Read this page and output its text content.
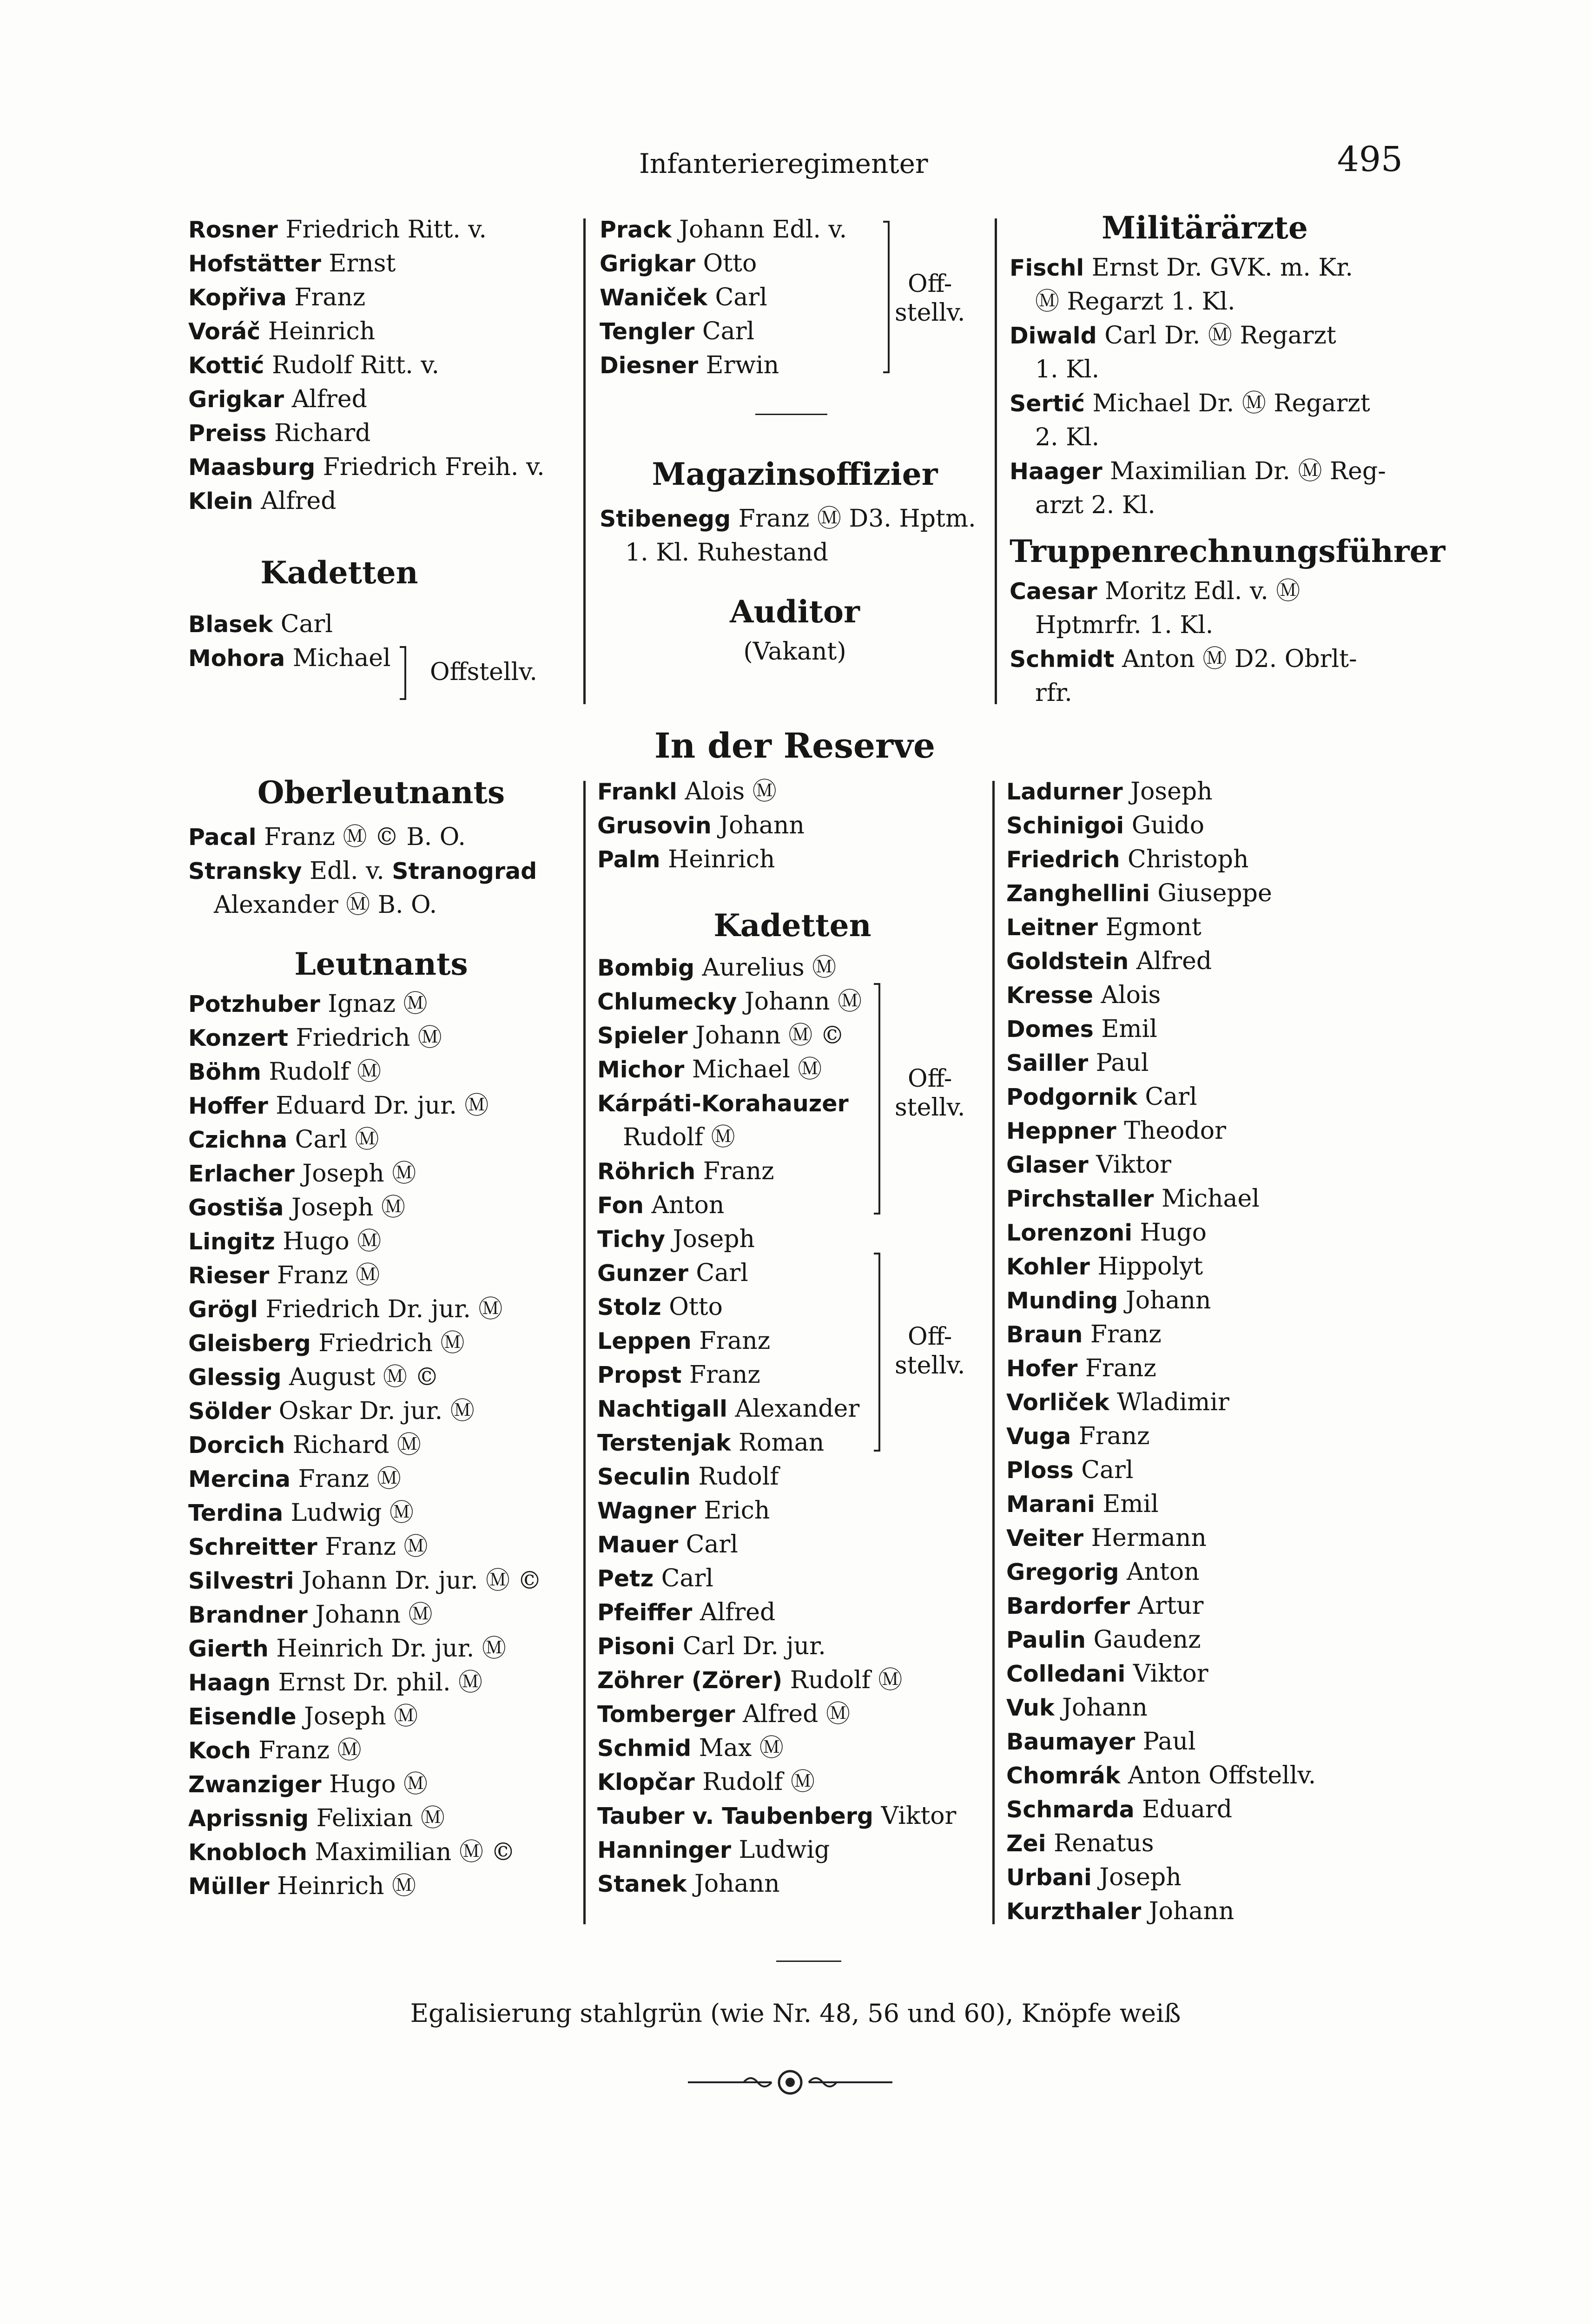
Infanterieregimenter	495
Rosner Friedrich Ritt. v.
Hofstätter Ernst
Kopřiva Franz
Voráč Heinrich
Kottić Rudolf Ritt. v.
Grigkar Alfred
Preiss Richard
Maasburg Friedrich Freih. v.
Klein Alfred
Kadetten
Blasek Carl
Mohora Michael	Offstellv.
Oberleutnants
Pacal Franz Ⓜ © B. O.
Stransky Edl. v. Stranograd
Alexander Ⓜ B. O.
Leutnants
Potzhuber Ignaz Ⓜ
Konzert Friedrich Ⓜ
Böhm Rudolf Ⓜ
Hoffer Eduard Dr. jur. Ⓜ
Czichna Carl Ⓜ
Erlacher Joseph Ⓜ
Gostiša Joseph Ⓜ
Lingitz Hugo Ⓜ
Rieser Franz Ⓜ
Grögl Friedrich Dr. jur. Ⓜ
Gleisberg Friedrich Ⓜ
Glessig August Ⓜ ©
Sölder Oskar Dr. jur. Ⓜ
Dorcich Richard Ⓜ
Mercina Franz Ⓜ
Terdina Ludwig Ⓜ
Schreitter Franz Ⓜ
Silvestri Johann Dr. jur. Ⓜ ©
Brandner Johann Ⓜ
Gierth Heinrich Dr. jur. Ⓜ
Haagn Ernst Dr. phil. Ⓜ
Eisendle Joseph Ⓜ
Koch Franz Ⓜ
Zwanziger Hugo Ⓜ
Aprissnig Felixian Ⓜ
Knobloch Maximilian Ⓜ ©
Müller Heinrich Ⓜ
Prack Johann Edl. v.
Grigkar Otto
Waniček Carl
Tengler Carl
Diesner Erwin
Off-
stellv.
Magazinsoffizier
Stibenegg Franz Ⓜ D3. Hptm.
1. Kl. Ruhestand
Auditor
(Vakant)
Militärärzte
Fischl Ernst Dr. GVK. m. Kr.
Ⓜ Regarzt 1. Kl.
Diwald Carl Dr. Ⓜ Regarzt
1. Kl.
Sertić Michael Dr. Ⓜ Regarzt
2. Kl.
Haager Maximilian Dr. Ⓜ Reg-
arzt 2. Kl.
Truppenrechnungsführer
Caesar Moritz Edl. v. Ⓜ
Hptmrfr. 1. Kl.
Schmidt Anton Ⓜ D2. Obrlt-
rfr.
In der Reserve
Frankl Alois Ⓜ
Grusovin Johann
Palm Heinrich
Kadetten
Bombig Aurelius Ⓜ
Chlumecky Johann Ⓜ
Spieler Johann Ⓜ ©
Michor Michael Ⓜ
Kárpáti-Korahauzer
Rudolf Ⓜ
Röhrich Franz
Fon Anton
Tichy Joseph
Gunzer Carl
Stolz Otto
Leppen Franz
Propst Franz
Nachtigall Alexander
Terstenjak Roman
Seculin Rudolf
Wagner Erich
Mauer Carl
Petz Carl
Pfeiffer Alfred
Pisoni Carl Dr. jur.
Zöhrer (Zörer) Rudolf Ⓜ
Tomberger Alfred Ⓜ
Schmid Max Ⓜ
Klopčar Rudolf Ⓜ
Tauber v. Taubenberg Viktor
Hanninger Ludwig
Stanek Johann
Off-
stellv.
Off-
stellv.
Ladurner Joseph
Schinigoi Guido
Friedrich Christoph
Zanghellini Giuseppe
Leitner Egmont
Goldstein Alfred
Kresse Alois
Domes Emil
Sailler Paul
Podgornik Carl
Heppner Theodor
Glaser Viktor
Pirchstaller Michael
Lorenzoni Hugo
Kohler Hippolyt
Munding Johann
Braun Franz
Hofer Franz
Vorliček Wladimir
Vuga Franz
Ploss Carl
Marani Emil
Veiter Hermann
Gregorig Anton
Bardorfer Artur
Paulin Gaudenz
Colledani Viktor
Vuk Johann
Baumayer Paul
Chomrák Anton Offstellv.
Schmarda Eduard
Zei Renatus
Urbani Joseph
Kurzthaler Johann
Egalisierung stahlgrün (wie Nr. 48, 56 und 60), Knöpfe weiß
